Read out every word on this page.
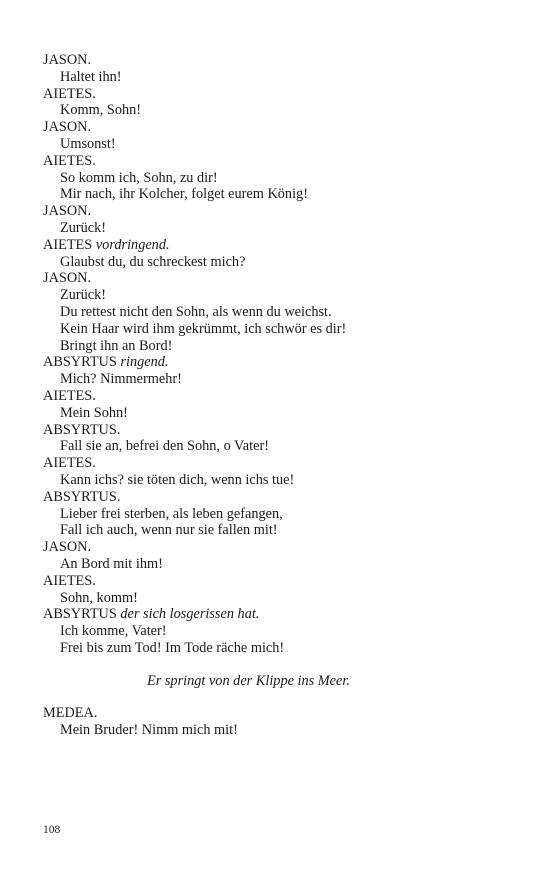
JASON.
Haltet ihn!
AIETES.
Komm, Sohn!
JASON.
Umsonst!
AIETES.
So komm ich, Sohn, zu dir!
Mir nach, ihr Kolcher, folget eurem König!
JASON.
Zurück!
AIETES vordringend.
Glaubst du, du schreckest mich?
JASON.
Zurück!
Du rettest nicht den Sohn, als wenn du weichst.
Kein Haar wird ihm gekrümmt, ich schwör es dir!
Bringt ihn an Bord!
ABSYRTUS ringend.
Mich? Nimmermehr!
AIETES.
Mein Sohn!
ABSYRTUS.
Fall sie an, befrei den Sohn, o Vater!
AIETES.
Kann ichs? sie töten dich, wenn ichs tue!
ABSYRTUS.
Lieber frei sterben, als leben gefangen,
Fall ich auch, wenn nur sie fallen mit!
JASON.
An Bord mit ihm!
AIETES.
Sohn, komm!
ABSYRTUS der sich losgerissen hat.
Ich komme, Vater!
Frei bis zum Tod! Im Tode räche mich!
Er springt von der Klippe ins Meer.
MEDEA.
Mein Bruder! Nimm mich mit!
108
